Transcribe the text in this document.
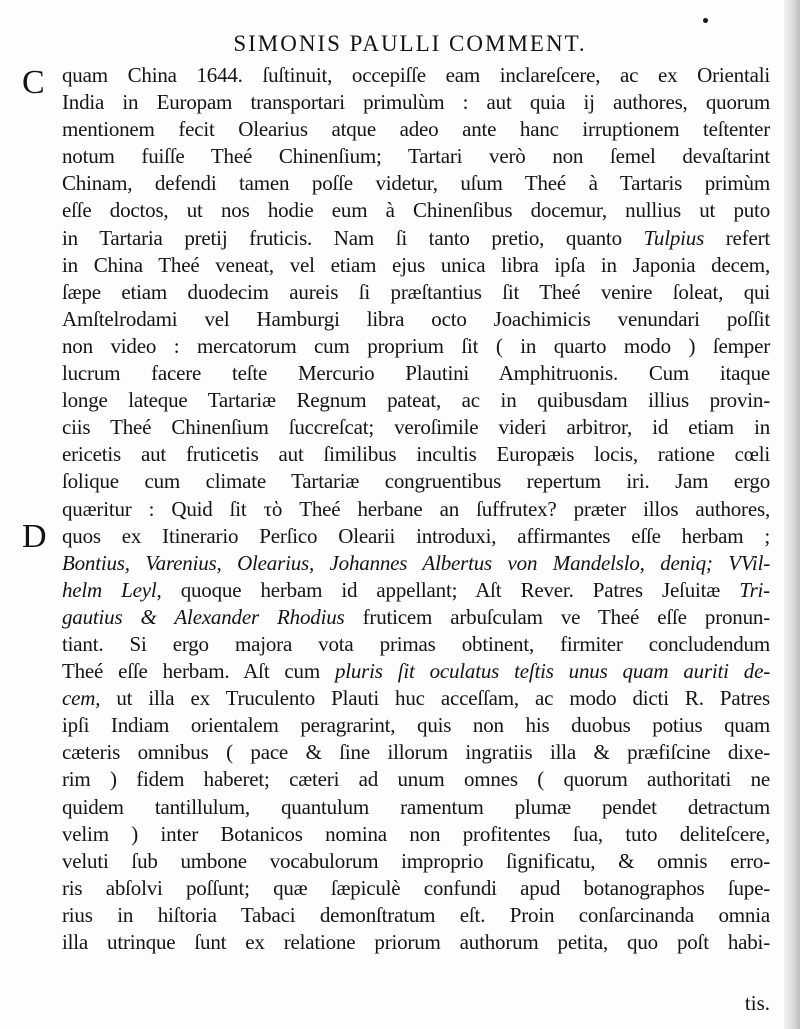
SIMONIS PAULLI COMMENT.
C
D
quam China 1644. ſuſtinuit, occepiſſe eam inclareſcere, ac ex Orientali
India in Europam transportari primulùm : aut quia ij authores, quorum
mentionem fecit Olearius atque adeo ante hanc irruptionem teſtenter
notum fuiſſe Theé Chinenſium; Tartari verò non ſemel devaſtarint
Chinam, defendi tamen poſſe videtur, uſum Theé à Tartaris primùm
eſſe doctos, ut nos hodie eum à Chinenſibus docemur, nullius ut puto
in Tartaria pretij fruticis. Nam ſi tanto pretio, quanto Tulpius refert
in China Theé veneat, vel etiam ejus unica libra ipſa in Japonia decem,
ſæpe etiam duodecim aureis ſi præſtantius ſit Theé venire ſoleat, qui
Amſtelrodami vel Hamburgi libra octo Joachimicis venundari poſſit
non video : mercatorum cum proprium ſit ( in quarto modo ) ſemper
lucrum facere teſte Mercurio Plautini Amphitruonis. Cum itaque
longe lateque Tartariæ Regnum pateat, ac in quibusdam illius provin-
ciis Theé Chinenſium ſuccreſcat; veroſimile videri arbitror, id etiam in
ericetis aut fruticetis aut ſimilibus incultis Europæis locis, ratione cœli
ſolique cum climate Tartariæ congruentibus repertum iri. Jam ergo
quæritur : Quid ſit τὸ Theé herbane an ſuffrutex? præter illos authores,
quos ex Itinerario Perſico Olearii introduxi, affirmantes eſſe herbam ;
Bontius, Varenius, Olearius, Johannes Albertus von Mandelslo, deniq; VVil-
helm Leyl, quoque herbam id appellant; Aſt Rever. Patres Jeſuitæ Tri-
gautius & Alexander Rhodius fruticem arbuſculam ve Theé eſſe pronun-
tiant. Si ergo majora vota primas obtinent, firmiter concludendum
Theé eſſe herbam. Aſt cum pluris ſit oculatus teſtis unus quam auriti de-
cem, ut illa ex Truculento Plauti huc acceſſam, ac modo dicti R. Patres
ipſi Indiam orientalem peragrarint, quis non his duobus potius quam
cæteris omnibus ( pace & ſine illorum ingratiis illa & præfiſcine dixe-
rim ) fidem haberet; cæteri ad unum omnes ( quorum authoritati ne
quidem tantillulum, quantulum ramentum plumæ pendet detractum
velim ) inter Botanicos nomina non profitentes ſua, tuto deliteſcere,
veluti ſub umbone vocabulorum improprio ſignificatu, & omnis erro-
ris abſolvi poſſunt; quæ ſæpiculè confundi apud botanographos ſupe-
rius in hiſtoria Tabaci demonſtratum eſt. Proin conſarcinanda omnia
illa utrinque ſunt ex relatione priorum authorum petita, quo poſt habi-
tis.
